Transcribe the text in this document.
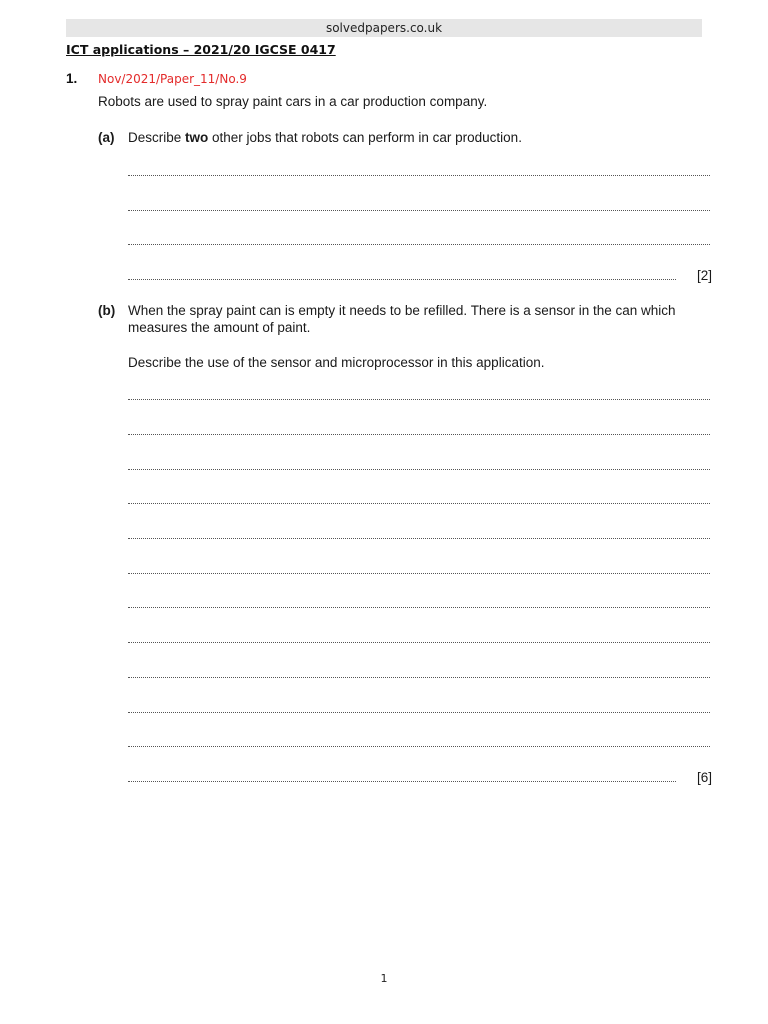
solvedpapers.co.uk
ICT applications – 2021/20 IGCSE 0417
1. Nov/2021/Paper_11/No.9
Robots are used to spray paint cars in a car production company.
(a) Describe two other jobs that robots can perform in car production.
[2]
(b) When the spray paint can is empty it needs to be refilled. There is a sensor in the can which measures the amount of paint.
Describe the use of the sensor and microprocessor in this application.
[6]
1
